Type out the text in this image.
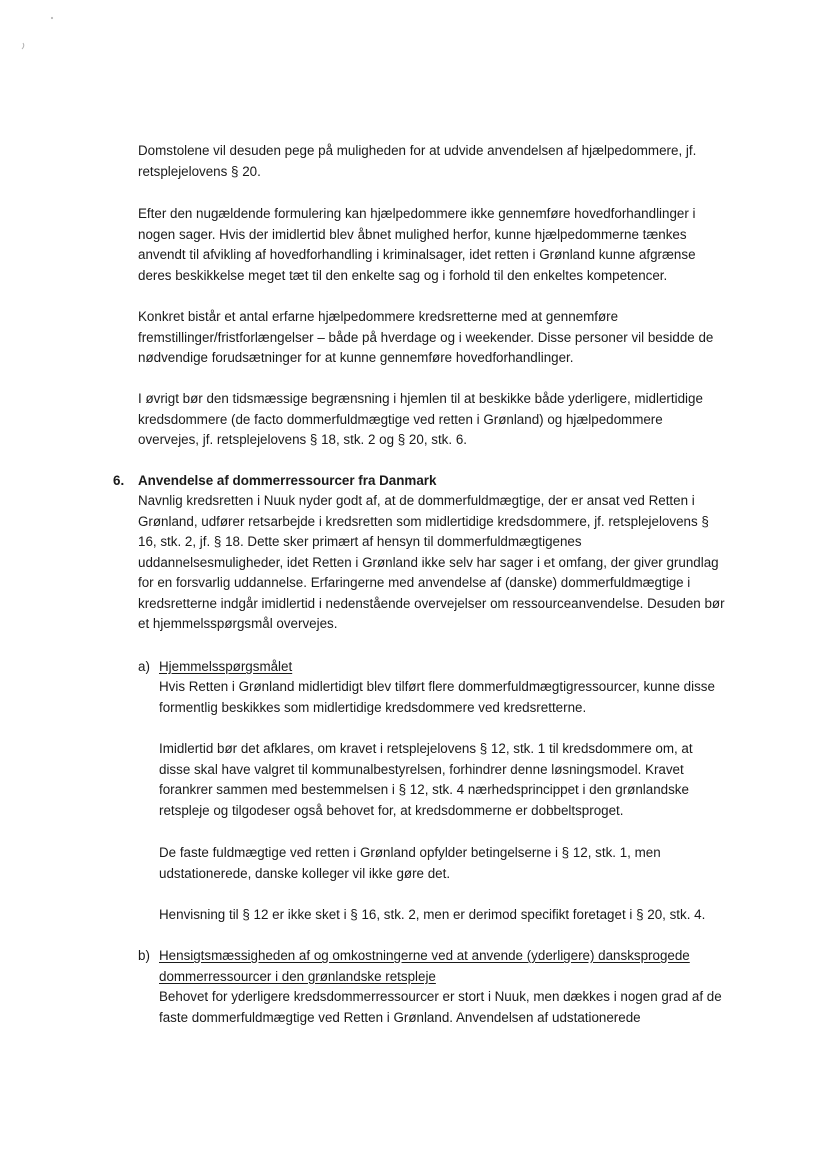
Domstolene vil desuden pege på muligheden for at udvide anvendelsen af hjælpedommere, jf.
retsplejelovens § 20.

Efter den nugældende formulering kan hjælpedommere ikke gennemføre hovedforhandlinger i
nogen sager. Hvis der imidlertid blev åbnet mulighed herfor, kunne hjælpedommerne tænkes
anvendt til afvikling af hovedforhandling i kriminalsager, idet retten i Grønland kunne afgrænse
deres beskikkelse meget tæt til den enkelte sag og i forhold til den enkeltes kompetencer.

Konkret bistår et antal erfarne hjælpedommere kredsretterne med at gennemføre
fremstillinger/fristforlængelser – både på hverdage og i weekender. Disse personer vil besidde de
nødvendige forudsætninger for at kunne gennemføre hovedforhandlinger.

I øvrigt bør den tidsmæssige begrænsning i hjemlen til at beskikke både yderligere, midlertidige
kredsdommere (de facto dommerfuldmægtige ved retten i Grønland) og hjælpedommere
overvejes, jf. retsplejelovens § 18, stk. 2 og § 20, stk. 6.

6. Anvendelse af dommerressourcer fra Danmark

Navnlig kredsretten i Nuuk nyder godt af, at de dommerfuldmægtige, der er ansat ved Retten i
Grønland, udfører retsarbejde i kredsretten som midlertidige kredsdommere, jf. retsplejelovens §
16, stk. 2, jf. § 18. Dette sker primært af hensyn til dommerfuldmægtigenes
uddannelsesmuligheder, idet Retten i Grønland ikke selv har sager i et omfang, der giver grundlag
for en forsvarlig uddannelse. Erfaringerne med anvendelse af (danske) dommerfuldmægtige i
kredsretterne indgår imidlertid i nedenstående overvejelser om ressourceanvendelse. Desuden bør
et hjemmelsspørgsmål overvejes.

a) Hjemmelsspørgsmålet

Hvis Retten i Grønland midlertidigt blev tilført flere dommerfuldmægtigressourcer, kunne disse
formentlig beskikkes som midlertidige kredsdommere ved kredsretterne.

Imidlertid bør det afklares, om kravet i retsplejelovens § 12, stk. 1 til kredsdommere om, at
disse skal have valgret til kommunalbestyrelsen, forhindrer denne løsningsmodel. Kravet
forankrer sammen med bestemmelsen i § 12, stk. 4 nærhedsprincippet i den grønlandske
retspleje og tilgodeser også behovet for, at kredsdommerne er dobbeltsproget.

De faste fuldmægtige ved retten i Grønland opfylder betingelserne i § 12, stk. 1, men
udstationerede, danske kolleger vil ikke gøre det.

Henvisning til § 12 er ikke sket i § 16, stk. 2, men er derimod specifikt foretaget i § 20, stk. 4.

b) Hensigtsmæssigheden af og omkostningerne ved at anvende (yderligere) dansksprogede
dommerressourcer i den grønlandske retspleje

Behovet for yderligere kredsdommerressourcer er stort i Nuuk, men dækkes i nogen grad af de
faste dommerfuldmægtige ved Retten i Grønland. Anvendelsen af udstationerede
